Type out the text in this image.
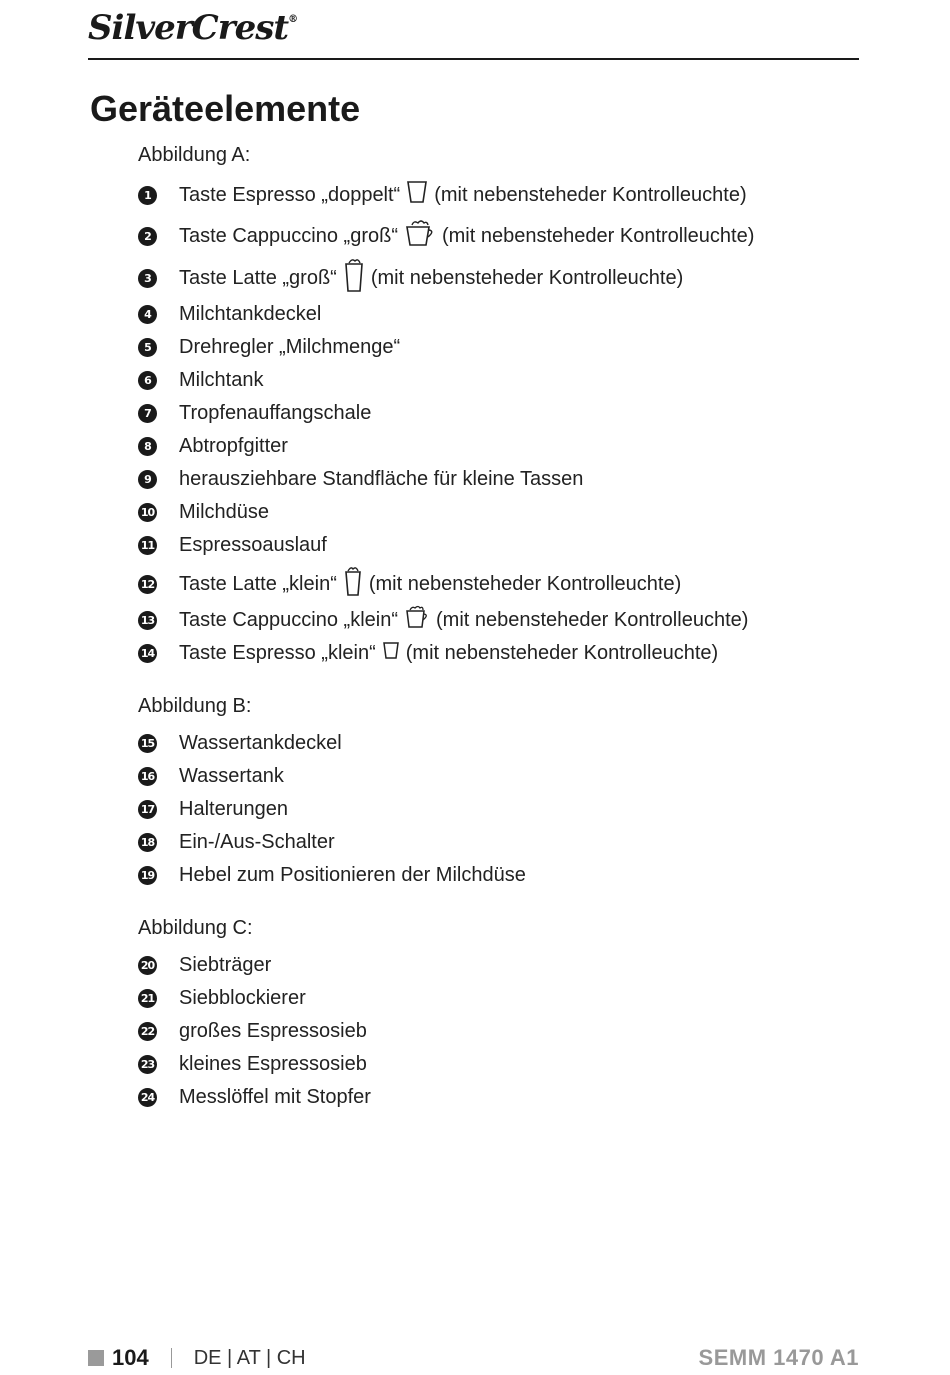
SilverCrest®
Geräteelemente
Abbildung A:
1	Taste Espresso „doppelt“ (mit nebensteheder Kontrolleuchte)
2	Taste Cappuccino „groß“ (mit nebensteheder Kontrolleuchte)
3	Taste Latte „groß“ (mit nebensteheder Kontrolleuchte)
4	Milchtankdeckel
5	Drehregler „Milchmenge“
6	Milchtank
7	Tropfenauffangschale
8	Abtropfgitter
9	herausziehbare Standfläche für kleine Tassen
10 Milchdüse
11 Espressoauslauf
12 Taste Latte „klein“ (mit nebensteheder Kontrolleuchte)
13 Taste Cappuccino „klein“ (mit nebensteheder Kontrolleuchte)
14 Taste Espresso „klein“ (mit nebensteheder Kontrolleuchte)
Abbildung B:
15 Wassertankdeckel
16 Wassertank
17 Halterungen
18 Ein-/Aus-Schalter
19 Hebel zum Positionieren der Milchdüse
Abbildung C:
20 Siebträger
21 Siebblockierer
22 großes Espressosieb
23 kleines Espressosieb
24 Messlöffel mit Stopfer
104 DE | AT | CH	SEMM 1470 A1
